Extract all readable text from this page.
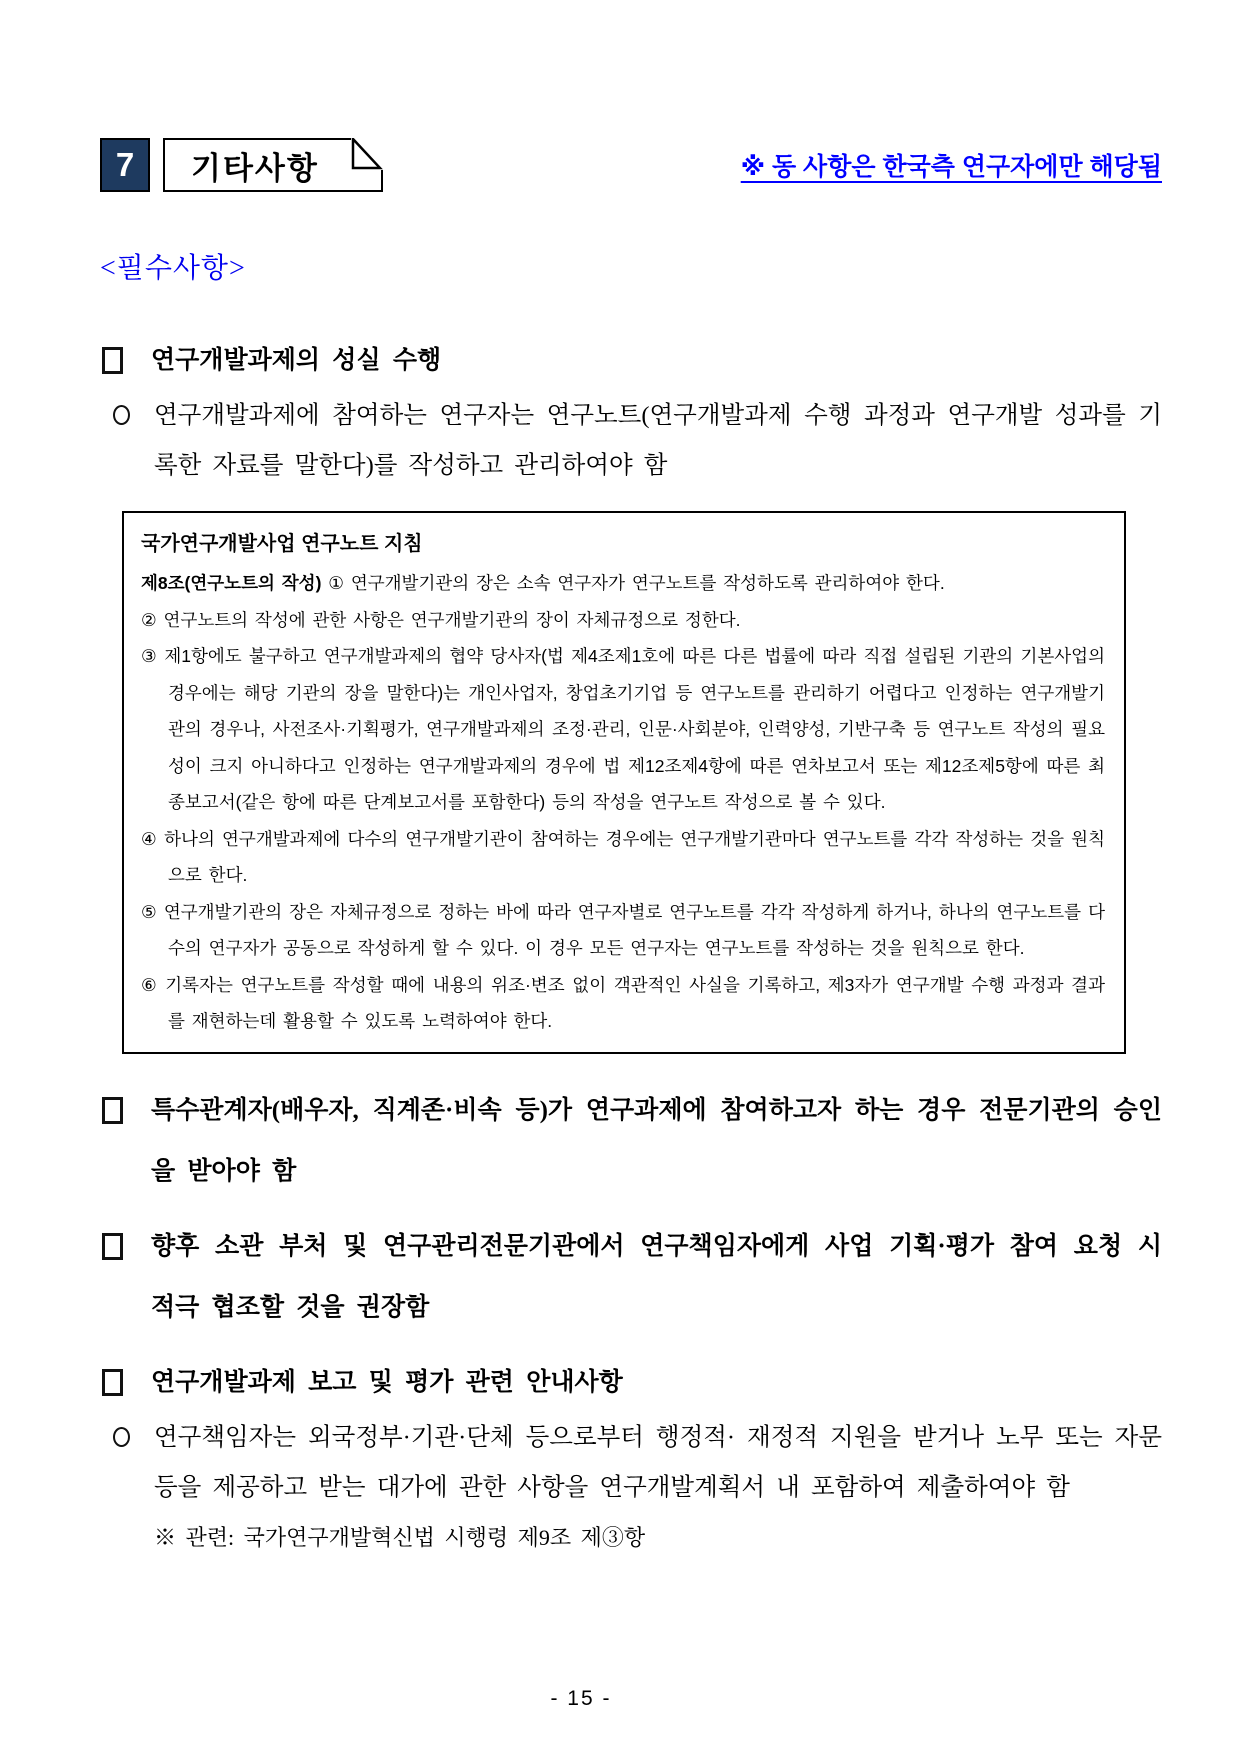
7	기타사항	※ 동 사항은 한국측 연구자에만 해당됨
<필수사항>
연구개발과제의 성실 수행
연구개발과제에 참여하는 연구자는 연구노트(연구개발과제 수행 과정과 연구개발 성과를 기록한 자료를 말한다)를 작성하고 관리하여야 함
국가연구개발사업 연구노트 지침

제8조(연구노트의 작성) ① 연구개발기관의 장은 소속 연구자가 연구노트를 작성하도록 관리하여야 한다.

② 연구노트의 작성에 관한 사항은 연구개발기관의 장이 자체규정으로 정한다.

③ 제1항에도 불구하고 연구개발과제의 협약 당사자(법 제4조제1호에 따른 다른 법률에 따라 직접 설립된 기관의 기본사업의 경우에는 해당 기관의 장을 말한다)는 개인사업자, 창업초기기업 등 연구노트를 관리하기 어렵다고 인정하는 연구개발기관의 경우나, 사전조사·기획평가, 연구개발과제의 조정·관리, 인문·사회분야, 인력양성, 기반구축 등 연구노트 작성의 필요성이 크지 아니하다고 인정하는 연구개발과제의 경우에 법 제12조제4항에 따른 연차보고서 또는 제12조제5항에 따른 최종보고서(같은 항에 따른 단계보고서를 포함한다) 등의 작성을 연구노트 작성으로 볼 수 있다.

④ 하나의 연구개발과제에 다수의 연구개발기관이 참여하는 경우에는 연구개발기관마다 연구노트를 각각 작성하는 것을 원칙으로 한다.

⑤ 연구개발기관의 장은 자체규정으로 정하는 바에 따라 연구자별로 연구노트를 각각 작성하게 하거나, 하나의 연구노트를 다수의 연구자가 공동으로 작성하게 할 수 있다. 이 경우 모든 연구자는 연구노트를 작성하는 것을 원칙으로 한다.

⑥ 기록자는 연구노트를 작성할 때에 내용의 위조·변조 없이 객관적인 사실을 기록하고, 제3자가 연구개발 수행 과정과 결과를 재현하는데 활용할 수 있도록 노력하여야 한다.

특수관계자(배우자, 직계존·비속 등)가 연구과제에 참여하고자 하는 경우 전문기관의 승인을 받아야 함
향후 소관 부처 및 연구관리전문기관에서 연구책임자에게 사업 기획·평가 참여 요청 시 적극 협조할 것을 권장함
연구개발과제 보고 및 평가 관련 안내사항
연구책임자는 외국정부·기관·단체 등으로부터 행정적· 재정적 지원을 받거나 노무 또는 자문 등을 제공하고 받는 대가에 관한 사항을 연구개발계획서 내 포함하여 제출하여야 함
※ 관련: 국가연구개발혁신법 시행령 제9조 제③항
- 15 -
